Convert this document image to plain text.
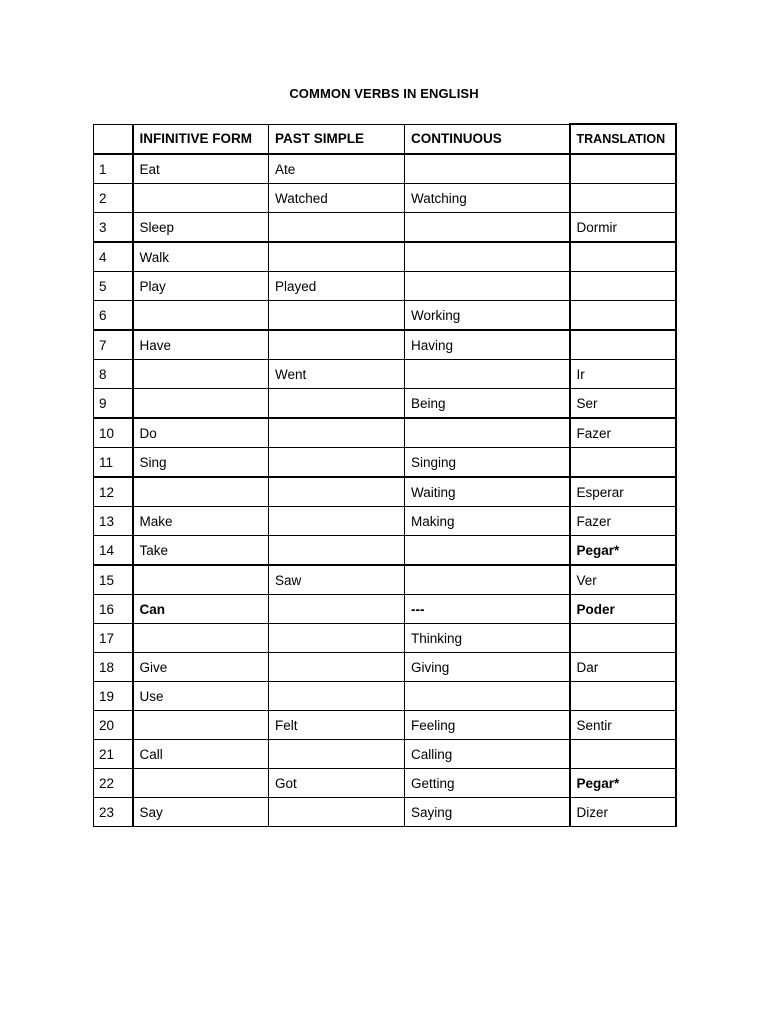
COMMON VERBS IN ENGLISH
	INFINITIVE FORM	PAST SIMPLE	CONTINUOUS	TRANSLATION
1	Eat	Ate		
2		Watched	Watching	
3	Sleep			Dormir
4	Walk			
5	Play	Played		
6			Working	
7	Have		Having	
8		Went		Ir
9			Being	Ser
10	Do			Fazer
11	Sing		Singing	
12			Waiting	Esperar
13	Make		Making	Fazer
14	Take			Pegar*
15		Saw		Ver
16	Can		---	Poder
17			Thinking	
18	Give		Giving	Dar
19	Use			
20		Felt	Feeling	Sentir
21	Call		Calling	
22		Got	Getting	Pegar*
23	Say		Saying	Dizer
